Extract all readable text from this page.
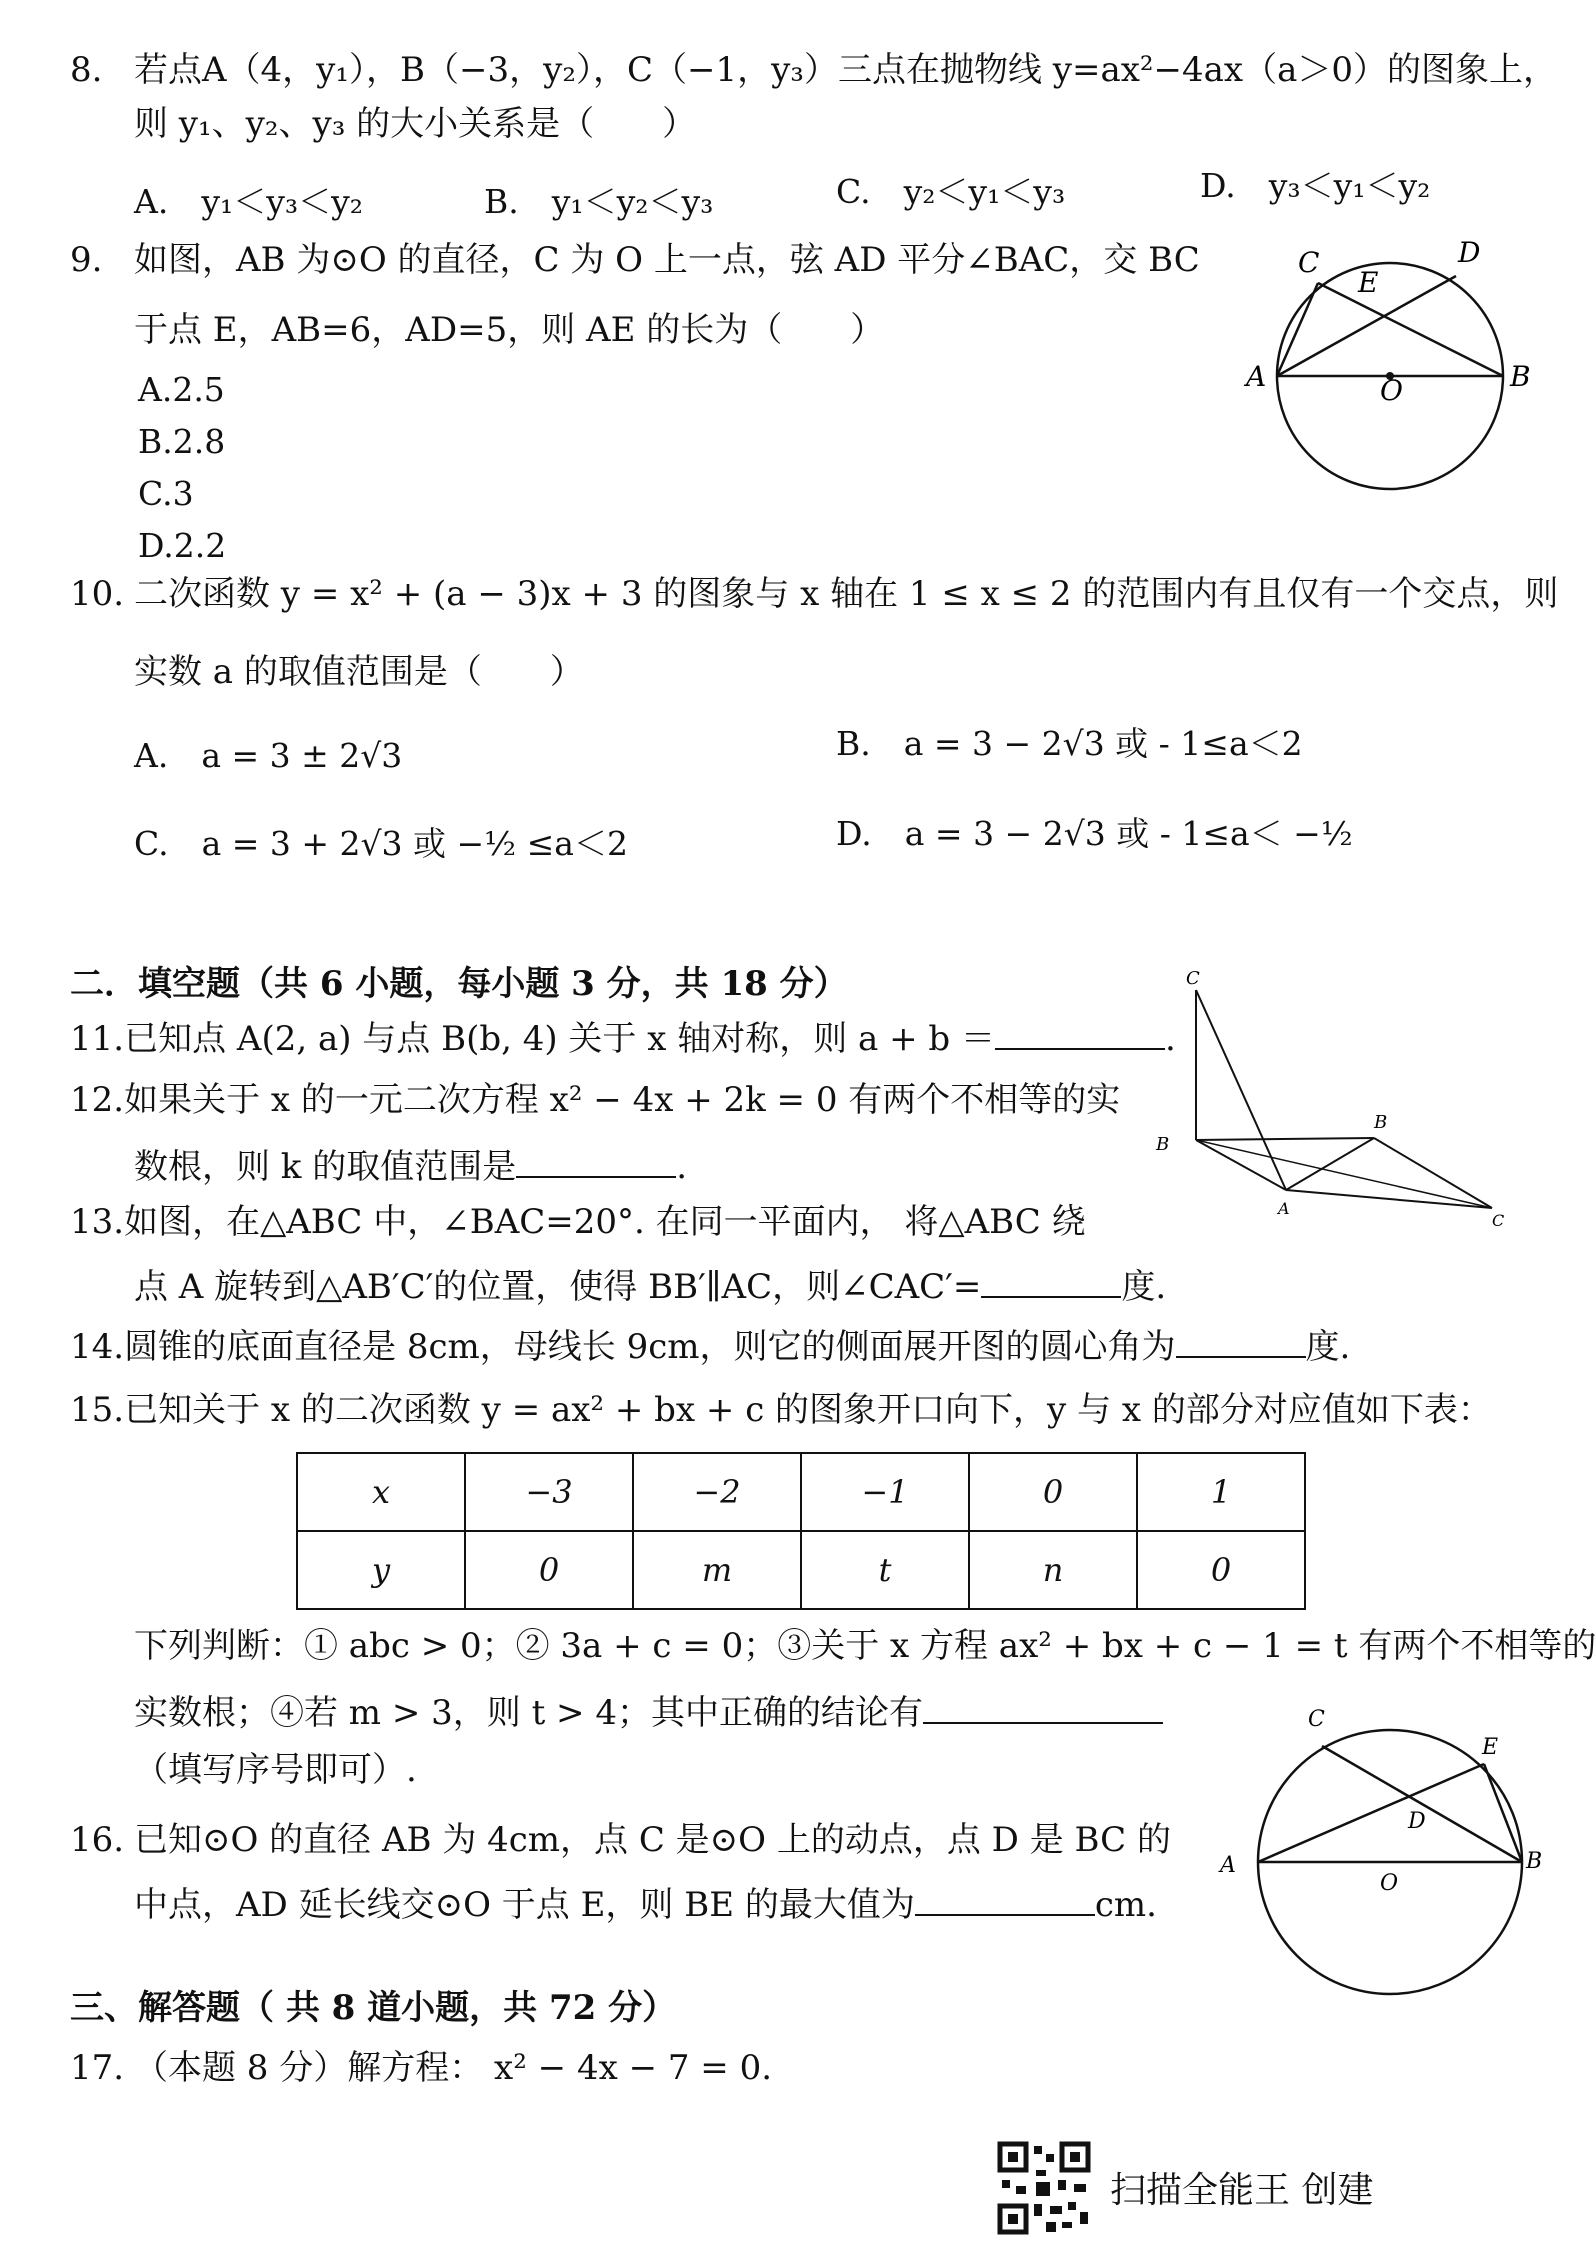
8. 若点A（4，y₁），B（−3，y₂），C（−1，y₃）三点在抛物线 y=ax²−4ax（a＞0）的图象上，
则 y₁、y₂、y₃ 的大小关系是（　　）
A.　y₁＜y₃＜y₂	B.　y₁＜y₂＜y₃	C.　y₂＜y₁＜y₃	D.　y₃＜y₁＜y₂
9. 如图，AB 为⊙O 的直径，C 为 O 上一点，弦 AD 平分∠BAC，交 BC
于点 E，AB=6，AD=5，则 AE 的长为（　　）
A.2.5
B.2.8
C.3
D.2.2
C
E
D
A	O	B
10. 二次函数 y = x² + (a − 3)x + 3 的图象与 x 轴在 1 ≤ x ≤ 2 的范围内有且仅有一个交点，则
实数 a 的取值范围是（　　）
A.　a = 3 ± 2√3	B.　a = 3 − 2√3 或 - 1≤a＜2
C.　a = 3 + 2√3 或 −½ ≤a＜2	D.　a = 3 − 2√3 或 - 1≤a＜ −½
二．填空题（共 6 小题，每小题 3 分，共 18 分）
11.已知点 A(2, a) 与点 B(b, 4) 关于 x 轴对称，则 a + b ＝	.
12.如果关于 x 的一元二次方程 x² − 4x + 2k = 0 有两个不相等的实
数根，则 k 的取值范围是	.
C
B
B
A
C
13.如图，在△ABC 中，∠BAC=20°. 在同一平面内， 将△ABC 绕
点 A 旋转到△AB′C′的位置，使得 BB′∥AC，则∠CAC′=	度.
14.圆锥的底面直径是 8cm，母线长 9cm，则它的侧面展开图的圆心角为	度.
15.已知关于 x 的二次函数 y = ax² + bx + c 的图象开口向下，y 与 x 的部分对应值如下表：
x	−3	−2	−1	0	1
y	0	m	t	n	0
下列判断：① abc > 0；② 3a + c = 0；③关于 x 方程 ax² + bx + c − 1 = t 有两个不相等的
实数根；④若 m > 3，则 t > 4；其中正确的结论有
（填写序号即可）.
C
E
D
A
O
B
16. 已知⊙O 的直径 AB 为 4cm，点 C 是⊙O 上的动点，点 D 是 BC 的
中点，AD 延长线交⊙O 于点 E，则 BE 的最大值为	cm.
三、解答题（ 共 8 道小题，共 72 分）
17. （本题 8 分）解方程： x² − 4x − 7 = 0.
扫描全能王 创建
